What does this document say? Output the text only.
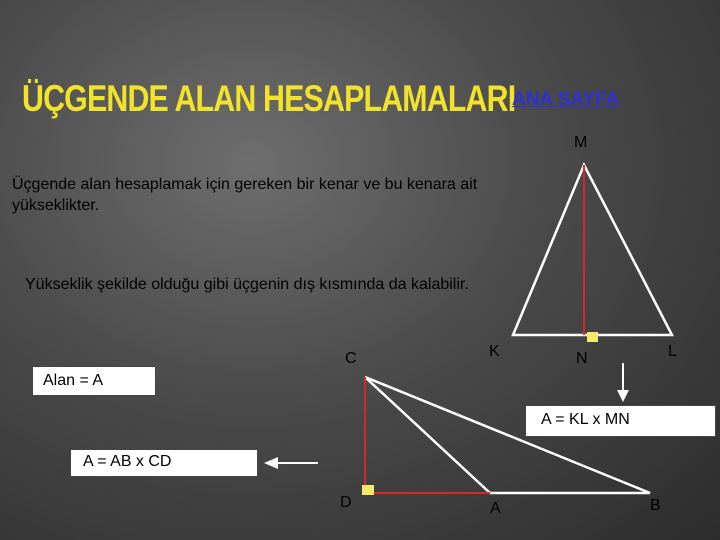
ÜÇGENDE ALAN HESAPLAMALARI
ANA SAYFA
Üçgende alan hesaplamak için gereken bir kenar ve bu kenara ait yükseklikter.
Yükseklik şekilde olduğu gibi üçgenin dış kısmında da kalabilir.
Alan = A
A = KL x MN
A = AB x CD
M
K	N	L
C
D	A	B
